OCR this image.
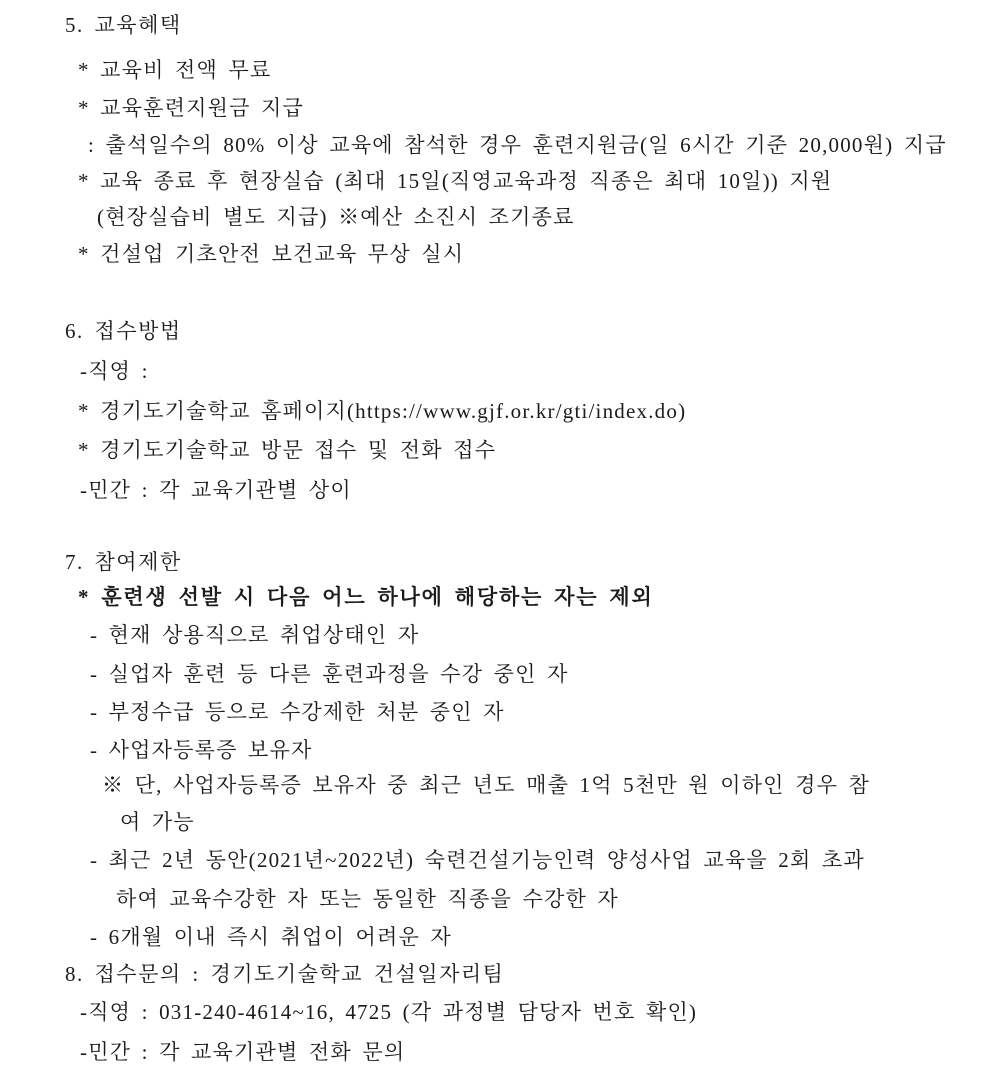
5. 교육혜택
* 교육비 전액 무료
* 교육훈련지원금 지급
: 출석일수의 80% 이상 교육에 참석한 경우 훈련지원금(일 6시간 기준 20,000원) 지급
* 교육 종료 후 현장실습 (최대 15일(직영교육과정 직종은 최대 10일)) 지원
(현장실습비 별도 지급) ※예산 소진시 조기종료
* 건설업 기초안전 보건교육 무상 실시
6. 접수방법
-직영 :
* 경기도기술학교 홈페이지(https://www.gjf.or.kr/gti/index.do)
* 경기도기술학교 방문 접수 및 전화 접수
-민간 : 각 교육기관별 상이
7. 참여제한
* 훈련생 선발 시 다음 어느 하나에 해당하는 자는 제외
- 현재 상용직으로 취업상태인 자
- 실업자 훈련 등 다른 훈련과정을 수강 중인 자
- 부정수급 등으로 수강제한 처분 중인 자
- 사업자등록증 보유자
※ 단, 사업자등록증 보유자 중 최근 년도 매출 1억 5천만 원 이하인 경우 참
여 가능
- 최근 2년 동안(2021년~2022년) 숙련건설기능인력 양성사업 교육을 2회 초과
하여 교육수강한 자 또는 동일한 직종을 수강한 자
- 6개월 이내 즉시 취업이 어려운 자
8. 접수문의 : 경기도기술학교 건설일자리팀
-직영 : 031-240-4614~16, 4725 (각 과정별 담당자 번호 확인)
-민간 : 각 교육기관별 전화 문의
